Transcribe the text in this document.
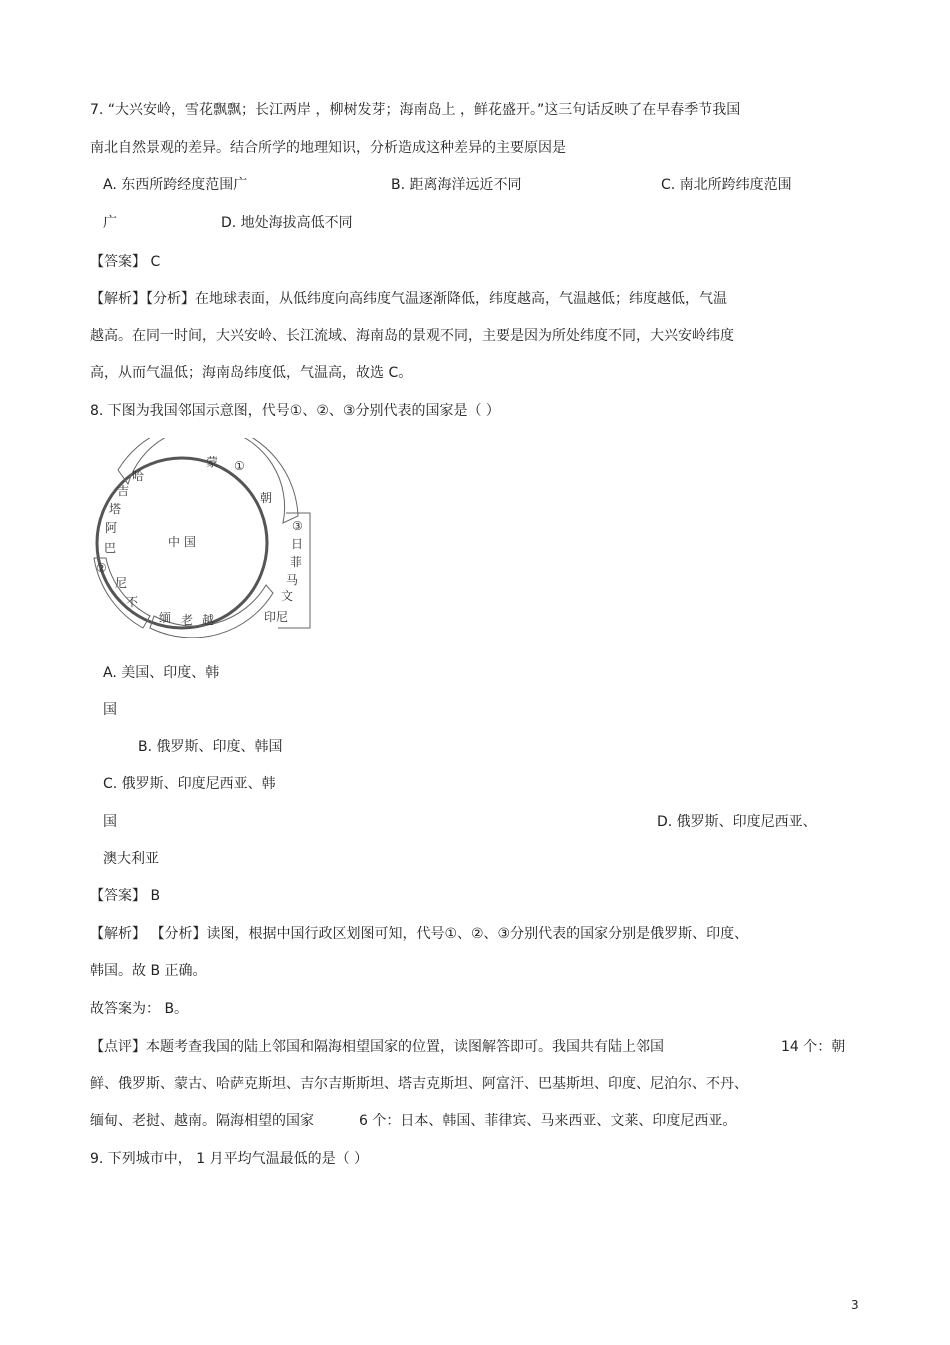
7. “大兴安岭，雪花飘飘；长江两岸 ，柳树发芽；海南岛上 ，鲜花盛开。”这三句话反映了在早春季节我国
南北自然景观的差异。结合所学的地理知识，分析造成这种差异的主要原因是
A. 东西所跨经度范围广	B. 距离海洋远近不同	C. 南北所跨纬度范围
广	D. 地处海拔高低不同
【答案】 C
【解析】【分析】在地球表面，从低纬度向高纬度气温逐渐降低，纬度越高，气温越低；纬度越低，气温
越高。在同一时间，大兴安岭、长江流域、海南岛的景观不同，主要是因为所处纬度不同，大兴安岭纬度
高，从而气温低；海南岛纬度低，气温高，故选 C。
8. 下图为我国邻国示意图，代号①、②、③分别代表的国家是（ ）
中 国
蒙 ①
朝
③
日
菲
马
文
印尼
越
老
缅
不
尼
②
巴
阿
塔
吉
哈
A. 美国、印度、韩
国
B. 俄罗斯、印度、韩国
C. 俄罗斯、印度尼西亚、韩
国	D. 俄罗斯、印度尼西亚、
澳大利亚
【答案】 B
【解析】 【分析】读图，根据中国行政区划图可知，代号①、②、③分别代表的国家分别是俄罗斯、印度、
韩国。故 B 正确。
故答案为： B。
【点评】本题考查我国的陆上邻国和隔海相望国家的位置，读图解答即可。我国共有陆上邻国	14 个：朝
鲜、俄罗斯、蒙古、哈萨克斯坦、吉尔吉斯斯坦、塔吉克斯坦、阿富汗、巴基斯坦、印度、尼泊尔、不丹、
缅甸、老挝、越南。隔海相望的国家	6 个：日本、韩国、菲律宾、马来西亚、文莱、印度尼西亚。
9. 下列城市中， 1 月平均气温最低的是（ ）
3
